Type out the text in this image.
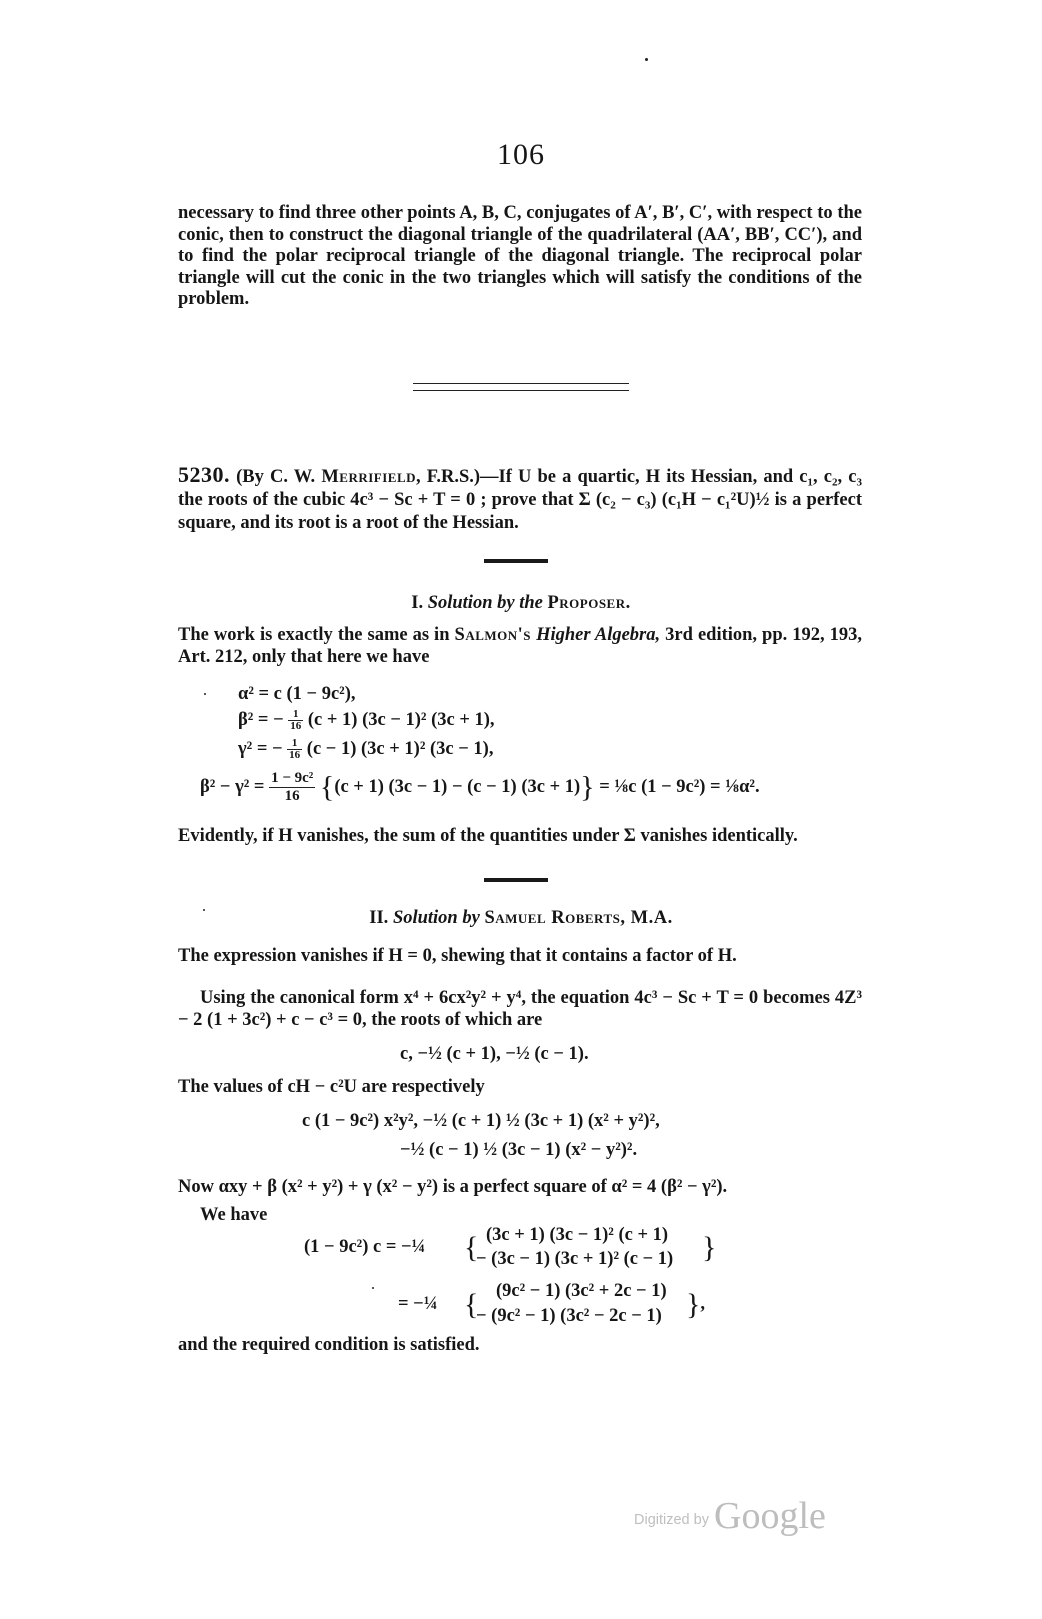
106
necessary to find three other points A, B, C, conjugates of A′, B′, C′, with respect to the conic, then to construct the diagonal triangle of the quadrilateral (AA′, BB′, CC′), and to find the polar reciprocal triangle of the diagonal triangle. The reciprocal polar triangle will cut the conic in the two triangles which will satisfy the conditions of the problem.
5230. (By C. W. Merrifield, F.R.S.)—If U be a quartic, H its Hessian, and c₁, c₂, c₃ the roots of the cubic 4c³ − Sc + T = 0 ; prove that Σ (c₂ − c₃) (c₁H − c₁²U)½ is a perfect square, and its root is a root of the Hessian.
I. Solution by the Proposer.
The work is exactly the same as in Salmon's Higher Algebra, 3rd edition, pp. 192, 193, Art. 212, only that here we have
α² = c (1 − 9c²),
β² = − $\frac{1}{16} (c + 1) (3c - 1)^2$ (3c + 1),
γ² = − $\frac{1}{16} (c - 1) (3c + 1)^2$ (3c − 1),
$\beta^2 - \gamma^2 = \frac{\text{1 − 9c²}}{16} \{(c + 1) (3c - 1) - (c - 1) (3c + 1)\}$ = ⅛c (1 − 9c²) = ⅛α².
Evidently, if H vanishes, the sum of the quantities under Σ vanishes identically.
II. Solution by Samuel Roberts, M.A.
The expression vanishes if H = 0, shewing that it contains a factor of H.
Using the canonical form x⁴ + 6cx²y² + y⁴, the equation 4c³ − Sc + T = 0 becomes 4Z³ − 2 (1 + 3c²) + c − c³ = 0, the roots of which are
c, −½ (c + 1), −½ (c − 1).
The values of cH − c²U are respectively
c (1 − 9c²) x²y², −½ (c + 1) ½ (3c + 1) (x² + y²)²,
−½ (c − 1) ½ (3c − 1) (x² − y²)².
Now αxy + β (x² + y²) + γ (x² − y²) is a perfect square of α² = 4 (β² − γ²).
We have
(1 − 9c²) c = −¼ { (3c + 1) (3c − 1)² (c + 1)
− (3c − 1) (3c + 1)² (c − 1) }
= −¼ { (9c² − 1) (3c² + 2c − 1)
− (9c² − 1) (3c² − 2c − 1) },
and the required condition is satisfied.
Digitized by Google
